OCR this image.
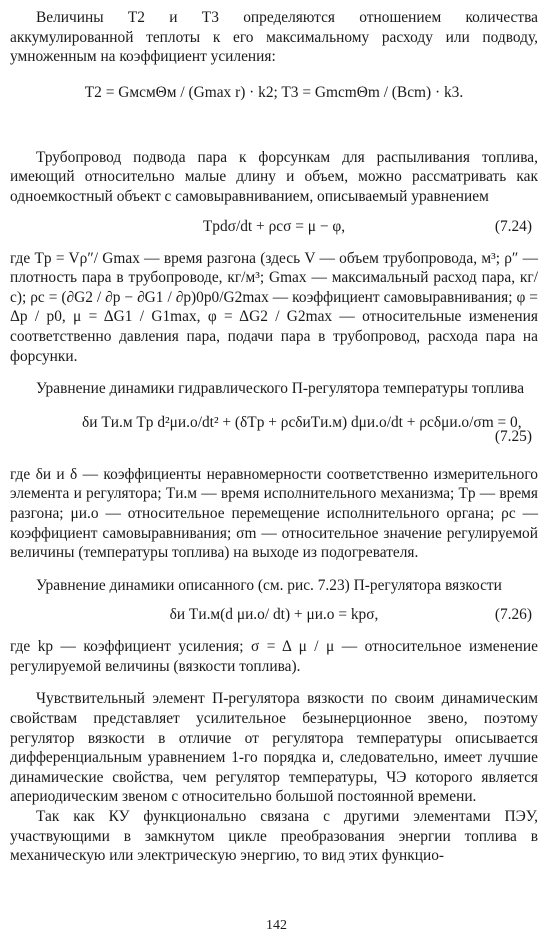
Величины T2 и T3 определяются отношением количества аккумулированной теплоты к его максимальному расходу или подводу, умноженным на коэффициент усиления:

T2 = GмcмΘм / (Gmax r) · k2; T3 = GmcmΘm / (Bcm) · k3.

Трубопровод подвода пара к форсункам для распыливания топлива, имеющий относительно малые длину и объем, можно рассматривать как одноемкостный объект с самовыравниванием, описываемый уравнением

Tpdσ/dt + ρcσ = μ − φ,	(7.24)

где Tp = Vρ″/ Gmax — время разгона (здесь V — объем трубопровода, м³; ρ″ — плотность пара в трубопроводе, кг/м³; Gmax — максимальный расход пара, кг/с); ρc = (∂G2 / ∂p − ∂G1 / ∂p)0p0/G2max — коэффициент самовыравнивания; φ = Δp / p0, μ = ΔG1 / G1max, φ = ΔG2 / G2max — относительные изменения соответственно давления пара, подачи пара в трубопровод, расхода пара на форсунки.

Уравнение динамики гидравлического П-регулятора температуры топлива

δи Tи.м Tр d²μи.о/dt² + (δTр + ρcδиTи.м) dμи.о/dt + ρcδμи.о/σm = 0,
(7.25)

где δи и δ — коэффициенты неравномерности соответственно измерительного элемента и регулятора; Tи.м — время исполнительного механизма; Tр — время разгона; μи.о — относительное перемещение исполнительного органа; ρс — коэффициент самовыравнивания; σm — относительное значение регулируемой величины (температуры топлива) на выходе из подогревателя.

Уравнение динамики описанного (см. рис. 7.23) П-регулятора вязкости

δи Tи.м(d μи.о/ dt) + μи.о = kрσ,	(7.26)

где kр — коэффициент усиления; σ = Δ μ / μ — относительное изменение регулируемой величины (вязкости топлива).

Чувствительный элемент П-регулятора вязкости по своим динамическим свойствам представляет усилительное безынерционное звено, поэтому регулятор вязкости в отличие от регулятора температуры описывается дифференциальным уравнением 1-го порядка и, следовательно, имеет лучшие динамические свойства, чем регулятор температуры, ЧЭ которого является апериодическим звеном с относительно большой постоянной времени.

Так как КУ функционально связана с другими элементами ПЭУ, участвующими в замкнутом цикле преобразования энергии топлива в механическую или электрическую энергию, то вид этих функцио-

142
